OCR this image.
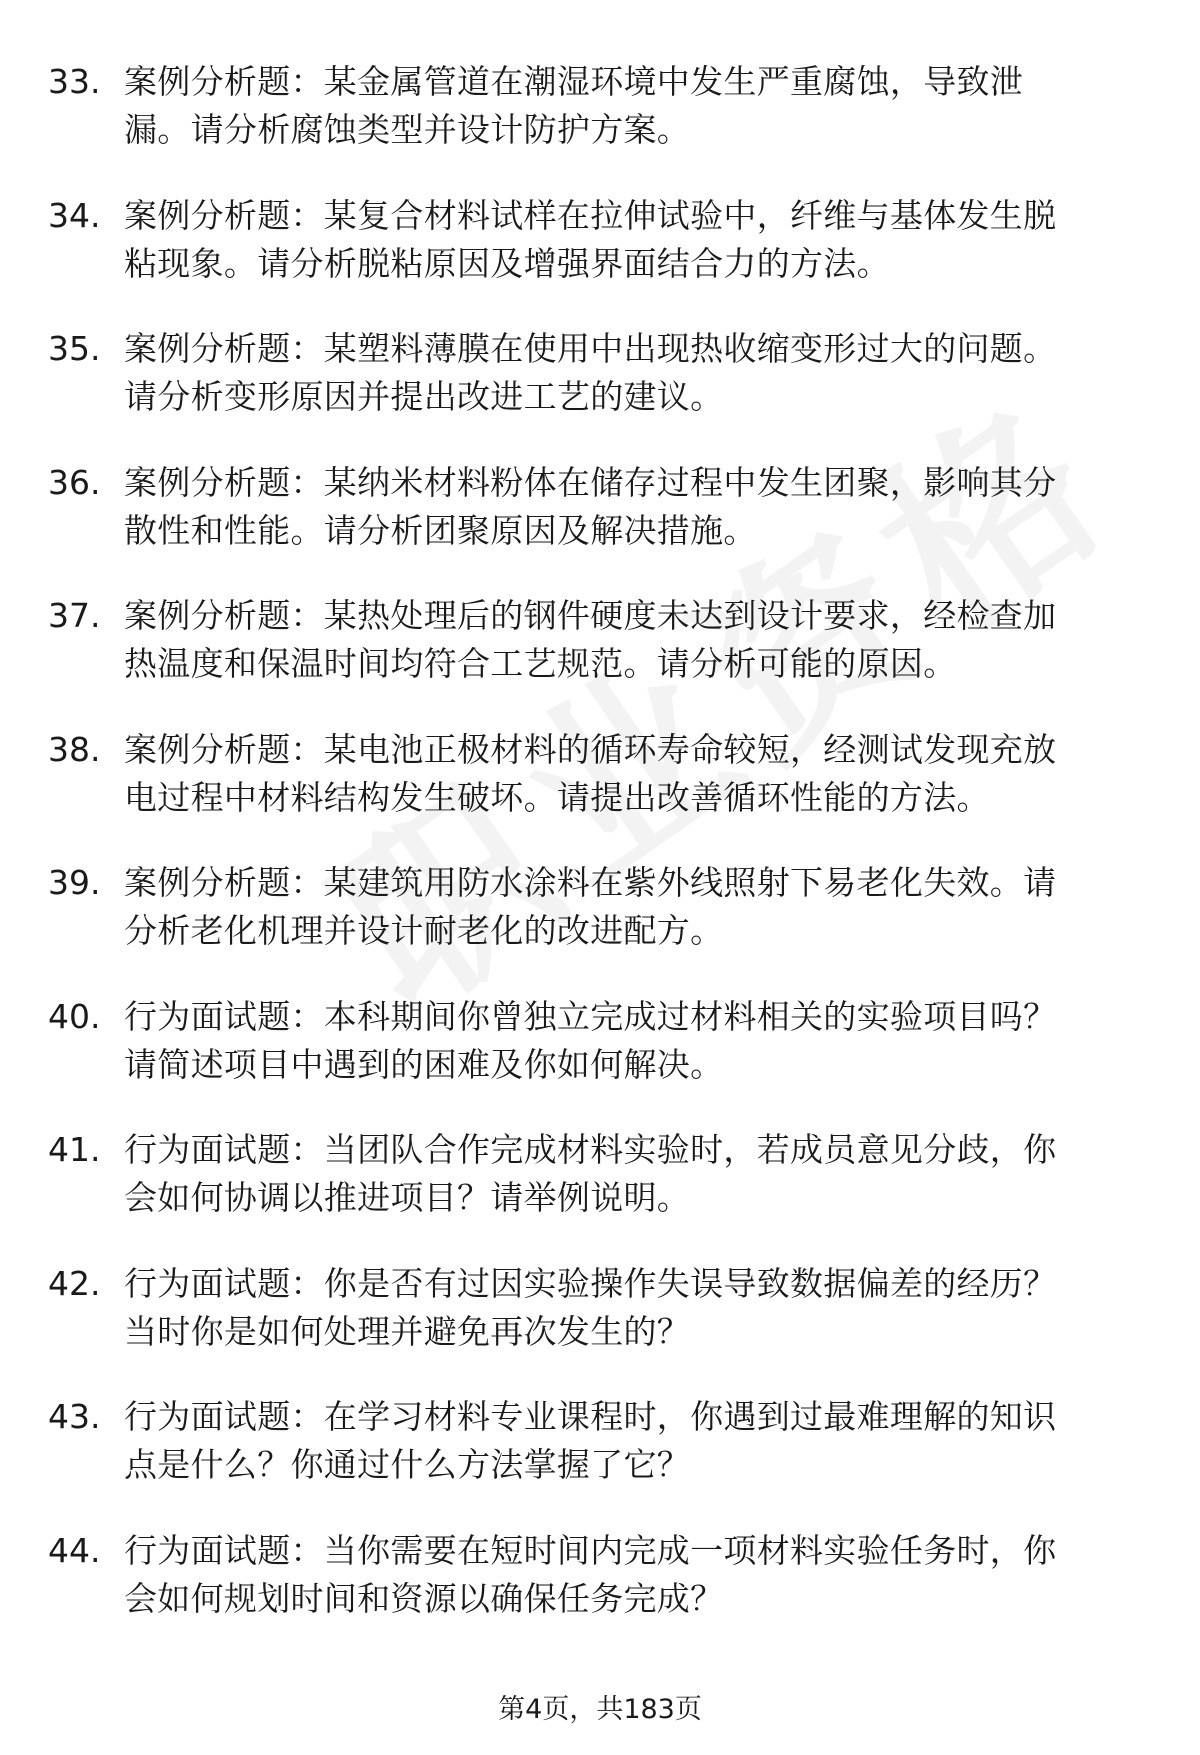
33. 案例分析题：某金属管道在潮湿环境中发生严重腐蚀，导致泄
漏。请分析腐蚀类型并设计防护方案。
34. 案例分析题：某复合材料试样在拉伸试验中，纤维与基体发生脱
粘现象。请分析脱粘原因及增强界面结合力的方法。
35. 案例分析题：某塑料薄膜在使用中出现热收缩变形过大的问题。
请分析变形原因并提出改进工艺的建议。
36. 案例分析题：某纳米材料粉体在储存过程中发生团聚，影响其分
散性和性能。请分析团聚原因及解决措施。
37. 案例分析题：某热处理后的钢件硬度未达到设计要求，经检查加
热温度和保温时间均符合工艺规范。请分析可能的原因。
38. 案例分析题：某电池正极材料的循环寿命较短，经测试发现充放
电过程中材料结构发生破坏。请提出改善循环性能的方法。
39. 案例分析题：某建筑用防水涂料在紫外线照射下易老化失效。请
分析老化机理并设计耐老化的改进配方。
40. 行为面试题：本科期间你曾独立完成过材料相关的实验项目吗？
请简述项目中遇到的困难及你如何解决。
41. 行为面试题：当团队合作完成材料实验时，若成员意见分歧，你
会如何协调以推进项目？请举例说明。
42. 行为面试题：你是否有过因实验操作失误导致数据偏差的经历？
当时你是如何处理并避免再次发生的？
43. 行为面试题：在学习材料专业课程时，你遇到过最难理解的知识
点是什么？你通过什么方法掌握了它？
44. 行为面试题：当你需要在短时间内完成一项材料实验任务时，你
会如何规划时间和资源以确保任务完成？
第4页，共183页
